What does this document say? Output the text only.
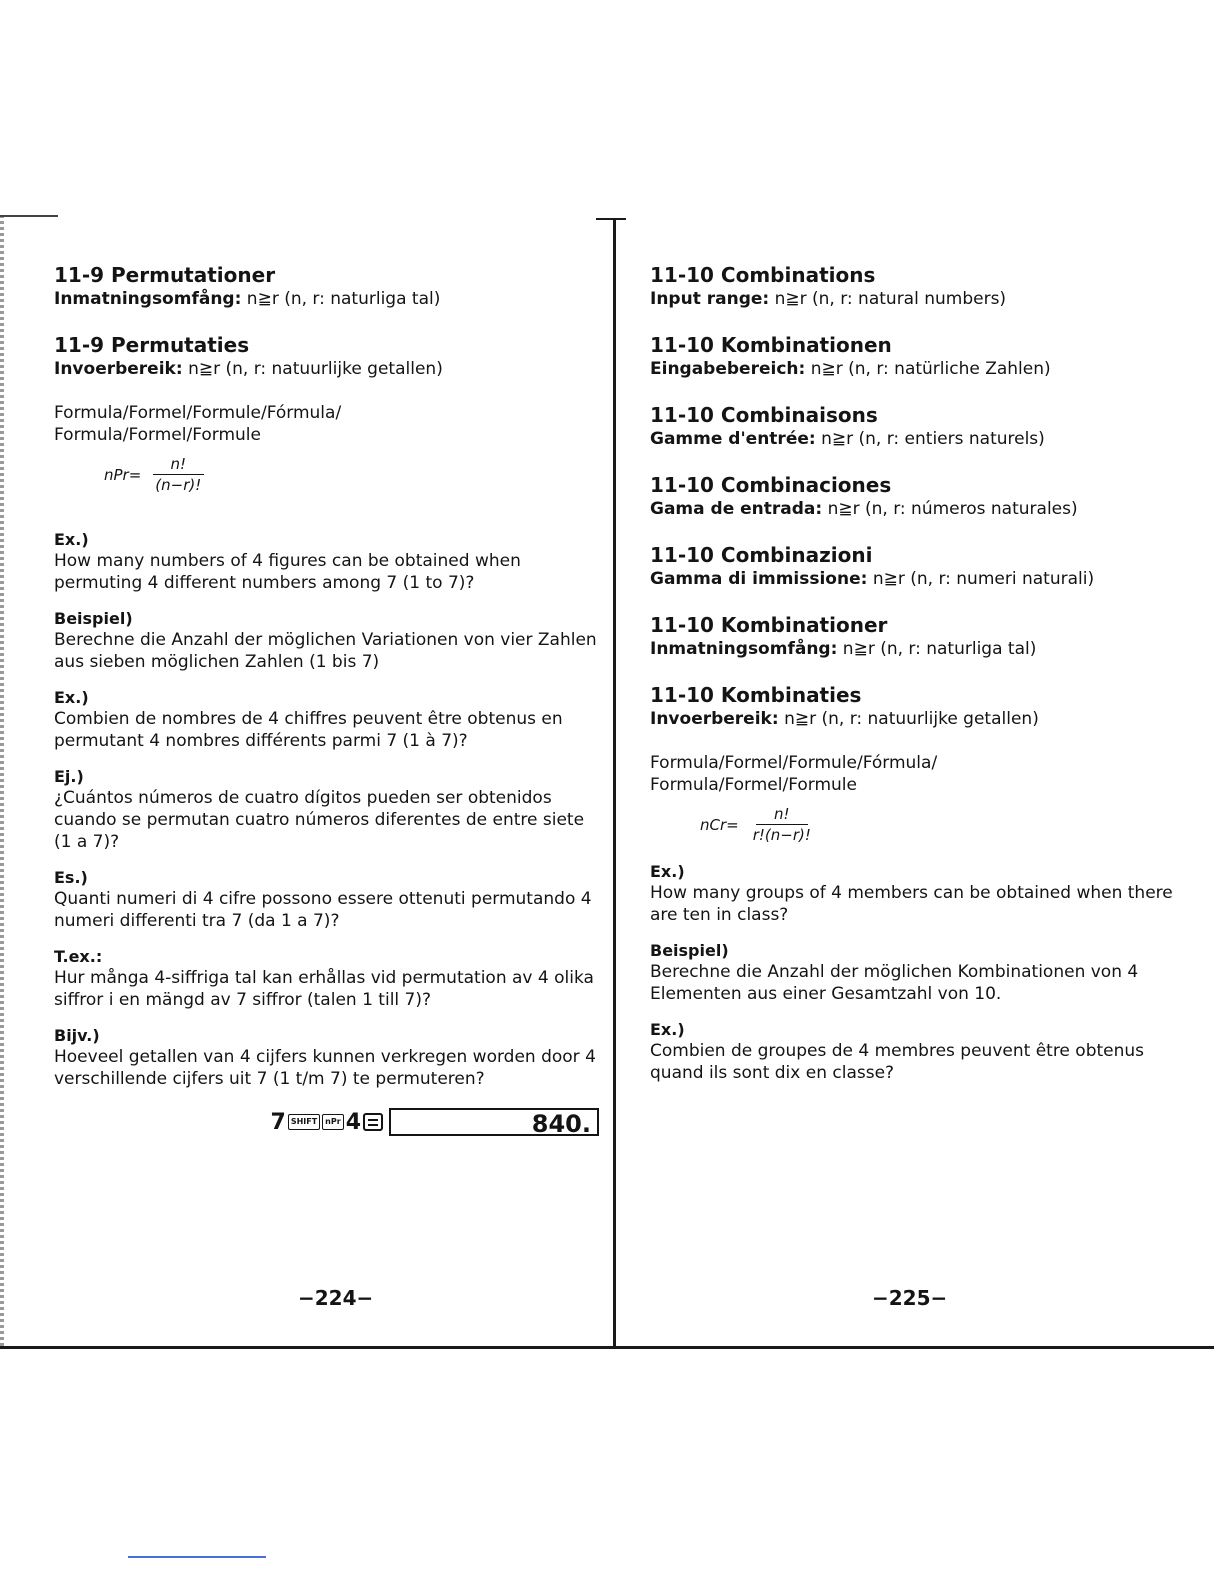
11-9 Permutationer

Inmatningsomfång: n≧r (n, r: naturliga tal)

11-9 Permutaties

Invoerbereik: n≧r (n, r: natuurlijke getallen)

Formula/Formel/Formule/Fórmula/

Formula/Formel/Formule

$nPr= \frac{n!}{(n-r)!}$

Ex.)

How many numbers of 4 figures can be obtained when permuting 4 different numbers among 7 (1 to 7)?

Beispiel)

Berechne die Anzahl der möglichen Variationen von vier Zahlen aus sieben möglichen Zahlen (1 bis 7)

Ex.)

Combien de nombres de 4 chiffres peuvent être obtenus en permutant 4 nombres différents parmi 7 (1 à 7)?

Ej.)

¿Cuántos números de cuatro dígitos pueden ser obtenidos cuando se permutan cuatro números diferentes de entre siete (1 a 7)?

Es.)

Quanti numeri di 4 cifre possono essere ottenuti permutando 4 numeri differenti tra 7 (da 1 a 7)?

T.ex.:

Hur många 4-siffriga tal kan erhållas vid permutation av 4 olika siffror i en mängd av 7 siffror (talen 1 till 7)?

Bijv.)

Hoeveel getallen van 4 cijfers kunnen verkregen worden door 4 verschillende cijfers uit 7 (1 t/m 7) te permuteren?

7 SHIFT	nPr 4	840.
−224−

11-10 Combinations

Input range: n≧r (n, r: natural numbers)

11-10 Kombinationen

Eingabebereich: n≧r (n, r: natürliche Zahlen)

11-10 Combinaisons

Gamme d'entrée: n≧r (n, r: entiers naturels)

11-10 Combinaciones

Gama de entrada: n≧r (n, r: números naturales)

11-10 Combinazioni

Gamma di immissione: n≧r (n, r: numeri naturali)

11-10 Kombinationer

Inmatningsomfång: n≧r (n, r: naturliga tal)

11-10 Kombinaties

Invoerbereik: n≧r (n, r: natuurlijke getallen)

Formula/Formel/Formule/Fórmula/

Formula/Formel/Formule

$nCr= \frac{n!}{r!(n-r)!}$

Ex.)

How many groups of 4 members can be obtained when there are ten in class?

Beispiel)

Berechne die Anzahl der möglichen Kombinationen von 4 Elementen aus einer Gesamtzahl von 10.

Ex.)

Combien de groupes de 4 membres peuvent être obtenus quand ils sont dix en classe?

−225−
